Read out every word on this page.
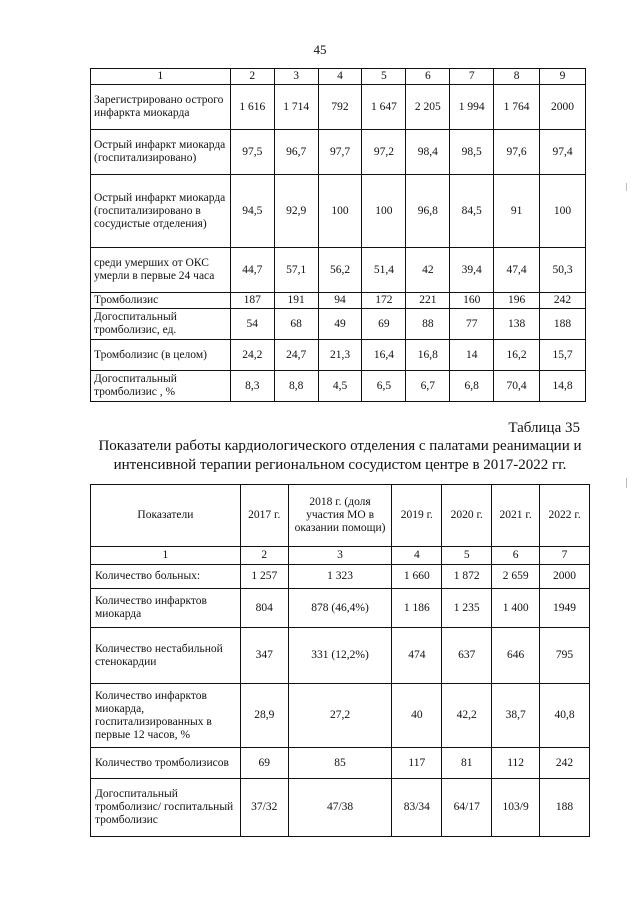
45
1	2	3	4	5	6	7	8	9
Зарегистрировано острого инфаркта миокарда	1 616	1 714	792	1 647	2 205	1 994	1 764	2000
Острый инфаркт миокарда (госпитализировано)	97,5	96,7	97,7	97,2	98,4	98,5	97,6	97,4
Острый инфаркт миокарда (госпитализировано в сосудистые отделения)	94,5	92,9	100	100	96,8	84,5	91	100
среди умерших от ОКС умерли в первые 24 часа	44,7	57,1	56,2	51,4	42	39,4	47,4	50,3
Тромболизис	187	191	94	172	221	160	196	242
Догоспитальный тромболизис, ед.	54	68	49	69	88	77	138	188
Тромболизис (в целом)	24,2	24,7	21,3	16,4	16,8	14	16,2	15,7
Догоспитальный тромболизис , %	8,3	8,8	4,5	6,5	6,7	6,8	70,4	14,8
Таблица 35
Показатели работы кардиологического отделения с палатами реанимации и интенсивной терапии региональном сосудистом центре в 2017-2022 гг.
Показатели	2017 г.	2018 г. (доля участия МО в оказании помощи)	2019 г.	2020 г.	2021 г.	2022 г.
1	2	3	4	5	6	7
Количество больных:	1 257	1 323	1 660	1 872	2 659	2000
Количество инфарктов миокарда	804	878 (46,4%)	1 186	1 235	1 400	1949
Количество нестабильной стенокардии	347	331 (12,2%)	474	637	646	795
Количество инфарктов миокарда, госпитализированных в первые 12 часов, %	28,9	27,2	40	42,2	38,7	40,8
Количество тромболизисов	69	85	117	81	112	242
Догоспитальный тромболизис/ госпитальный тромболизис	37/32	47/38	83/34	64/17	103/9	188
